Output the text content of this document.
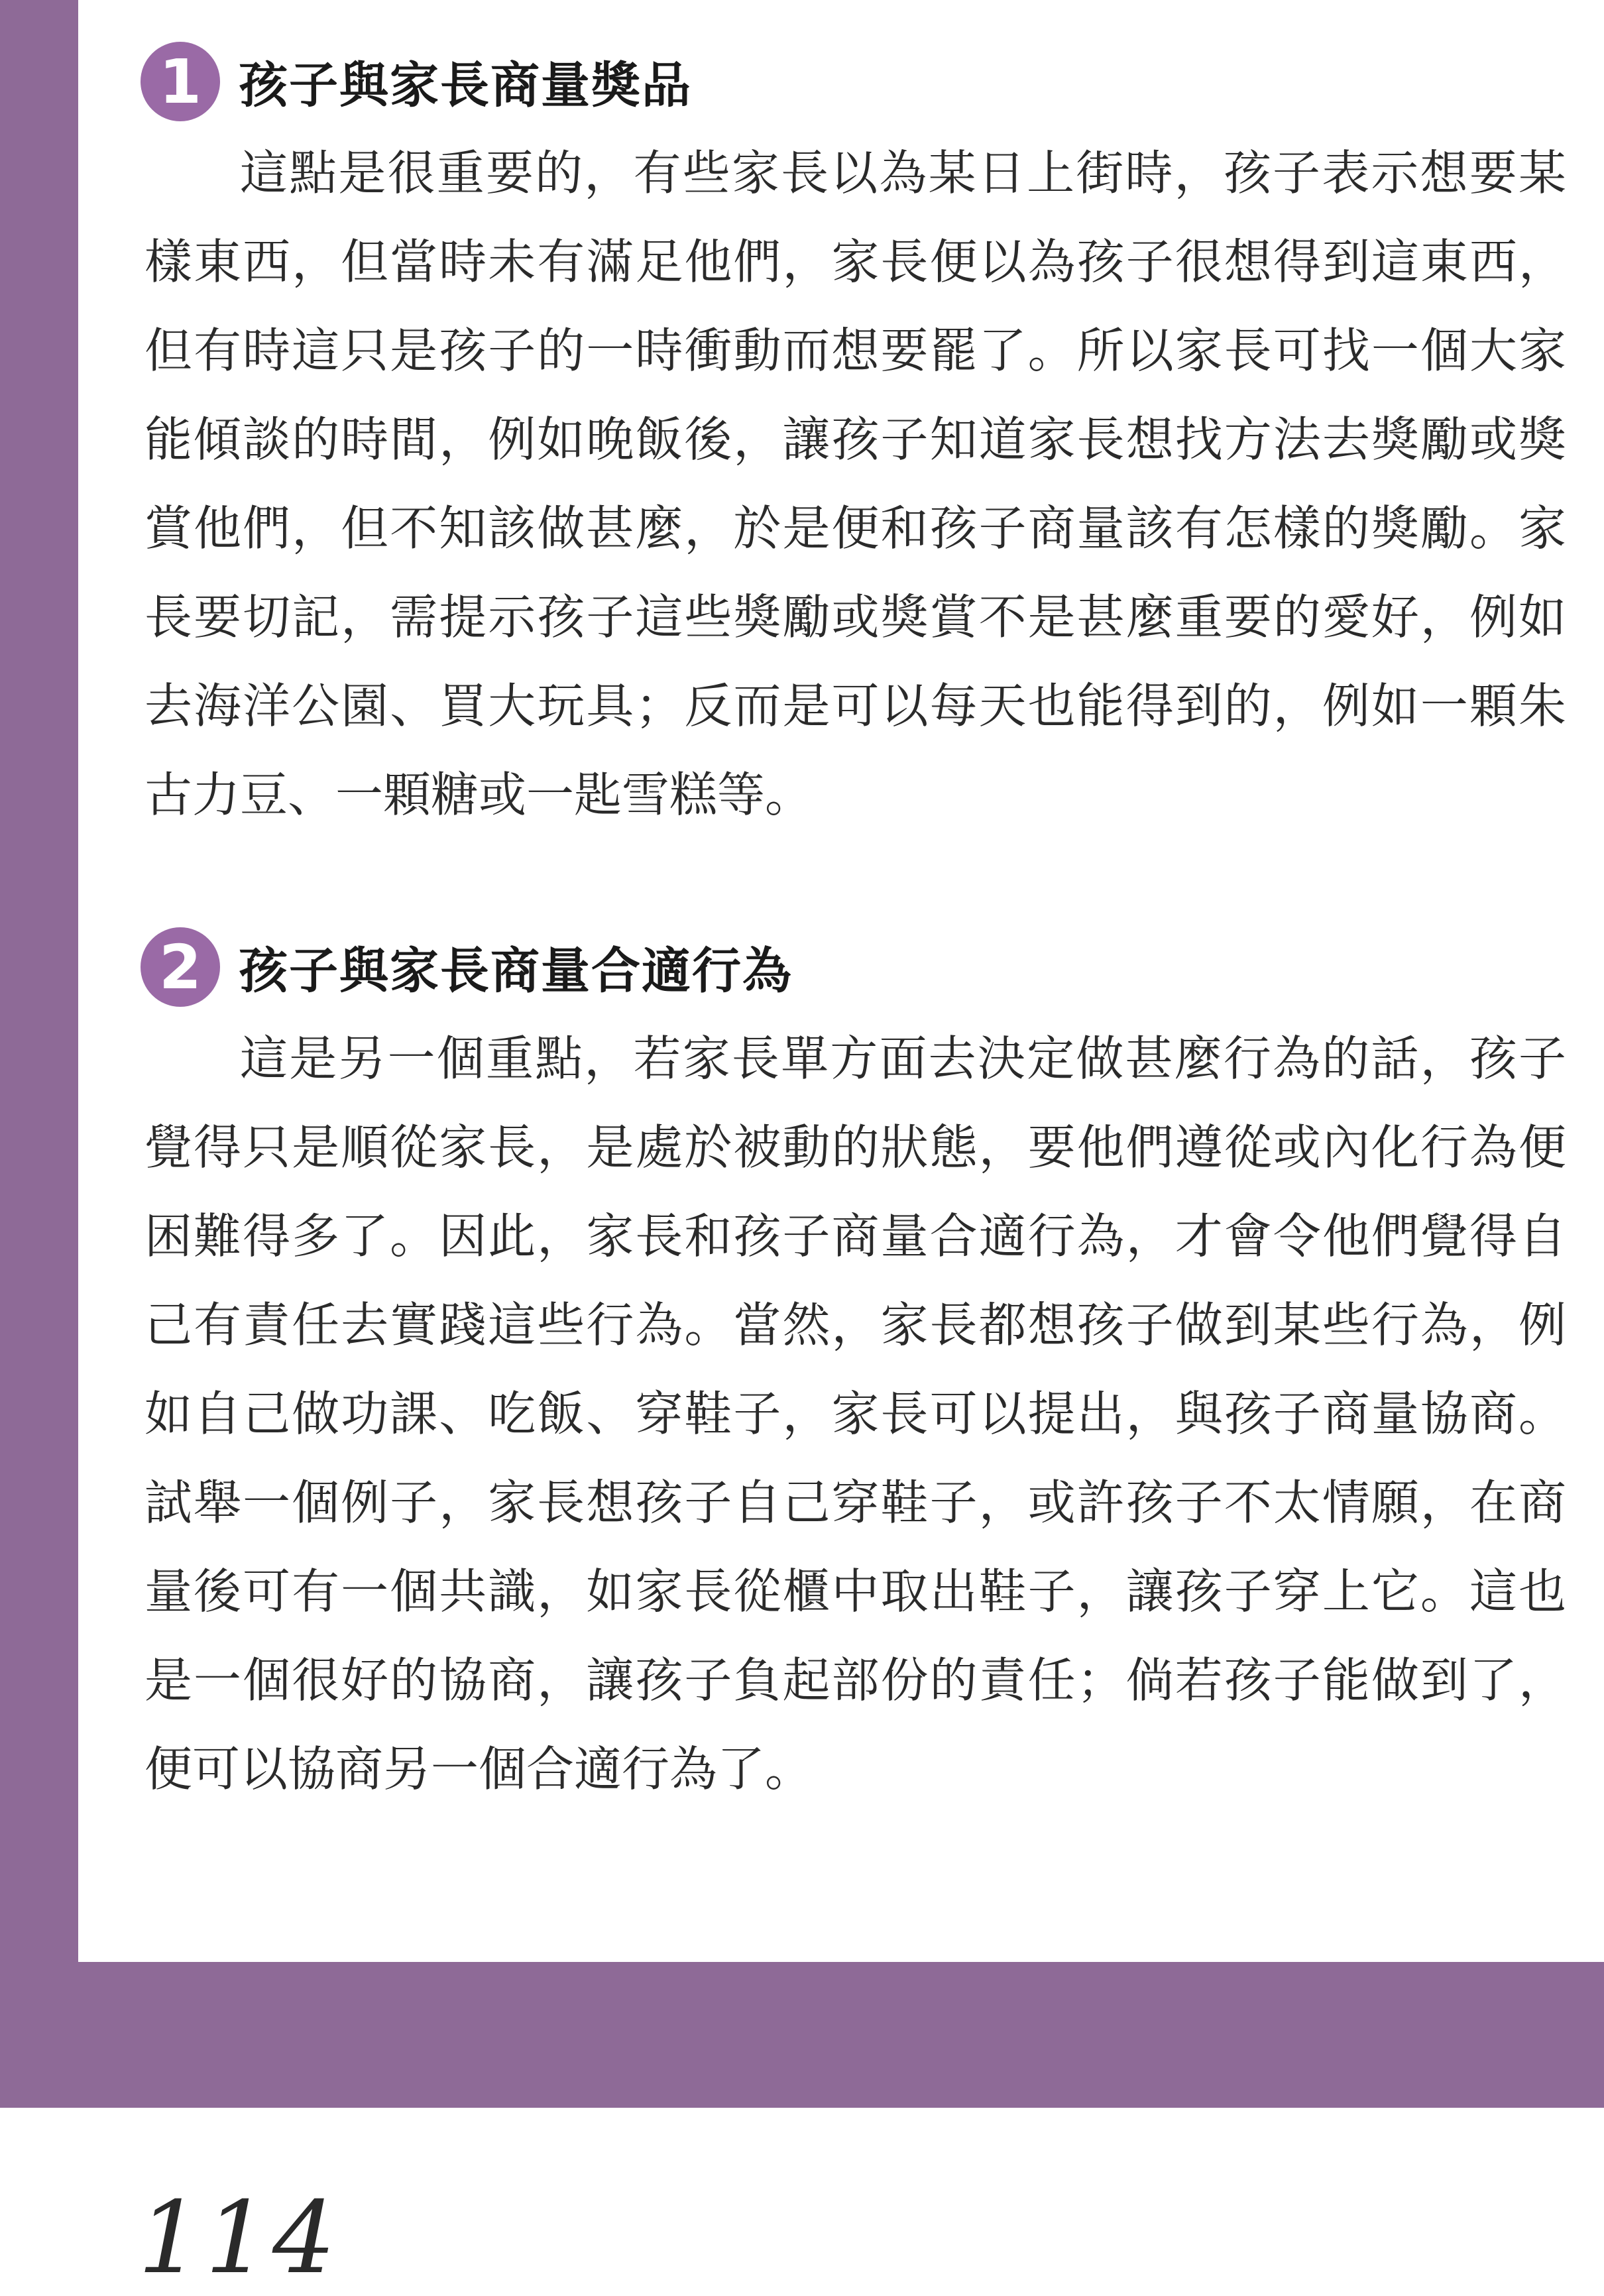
1 孩子與家長商量獎品

這點是很重要的，有些家長以為某日上街時，孩子表示想要某樣東西，但當時未有滿足他們，家長便以為孩子很想得到這東西，但有時這只是孩子的一時衝動而想要罷了。所以家長可找一個大家能傾談的時間，例如晚飯後，讓孩子知道家長想找方法去獎勵或獎賞他們，但不知該做甚麼，於是便和孩子商量該有怎樣的獎勵。家長要切記，需提示孩子這些獎勵或獎賞不是甚麼重要的愛好，例如去海洋公園、買大玩具；反而是可以每天也能得到的，例如一顆朱古力豆、一顆糖或一匙雪糕等。

2 孩子與家長商量合適行為

這是另一個重點，若家長單方面去決定做甚麼行為的話，孩子覺得只是順從家長，是處於被動的狀態，要他們遵從或內化行為便困難得多了。因此，家長和孩子商量合適行為，才會令他們覺得自己有責任去實踐這些行為。當然，家長都想孩子做到某些行為，例如自己做功課、吃飯、穿鞋子，家長可以提出，與孩子商量協商。試舉一個例子，家長想孩子自己穿鞋子，或許孩子不太情願，在商量後可有一個共識，如家長從櫃中取出鞋子，讓孩子穿上它。這也是一個很好的協商，讓孩子負起部份的責任；倘若孩子能做到了，便可以協商另一個合適行為了。

114
